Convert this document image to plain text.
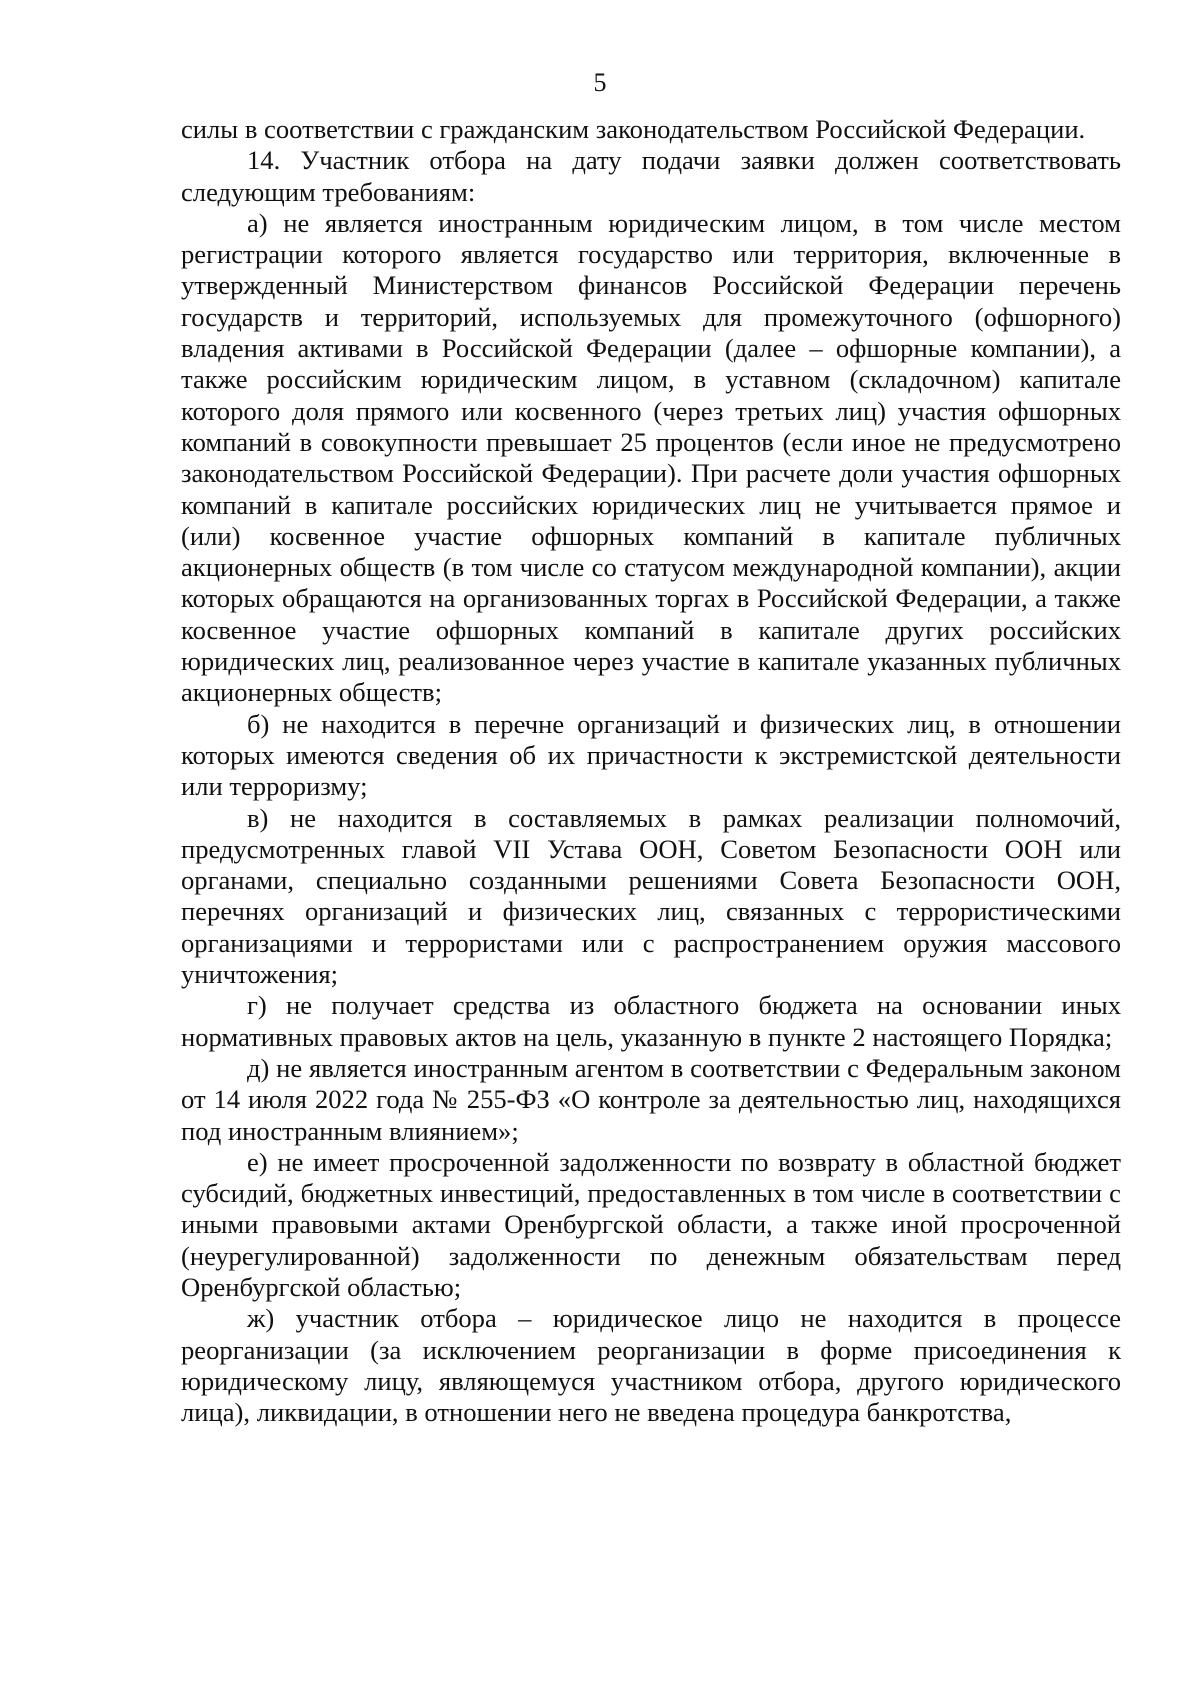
5

силы в соответствии с гражданским законодательством Российской Федерации.

14. Участник отбора на дату подачи заявки должен соответствовать следующим требованиям:

а) не является иностранным юридическим лицом, в том числе местом регистрации которого является государство или территория, включенные в утвержденный Министерством финансов Российской Федерации перечень государств и территорий, используемых для промежуточного (офшорного) владения активами в Российской Федерации (далее – офшорные компании), а также российским юридическим лицом, в уставном (складочном) капитале которого доля прямого или косвенного (через третьих лиц) участия офшорных компаний в совокупности превышает 25 процентов (если иное не предусмотрено законодательством Российской Федерации). При расчете доли участия офшорных компаний в капитале российских юридических лиц не учитывается прямое и (или) косвенное участие офшорных компаний в капитале публичных акционерных обществ (в том числе со статусом международной компании), акции которых обращаются на организованных торгах в Российской Федерации, а также косвенное участие офшорных компаний в капитале других российских юридических лиц, реализованное через участие в капитале указанных публичных акционерных обществ;

б) не находится в перечне организаций и физических лиц, в отношении которых имеются сведения об их причастности к экстремистской деятельности или терроризму;

в) не находится в составляемых в рамках реализации полномочий, предусмотренных главой VII Устава ООН, Советом Безопасности ООН или органами, специально созданными решениями Совета Безопасности ООН, перечнях организаций и физических лиц, связанных с террористическими организациями и террористами или с распространением оружия массового уничтожения;

г) не получает средства из областного бюджета на основании иных нормативных правовых актов на цель, указанную в пункте 2 настоящего Порядка;

д) не является иностранным агентом в соответствии с Федеральным законом от 14 июля 2022 года № 255-ФЗ «О контроле за деятельностью лиц, находящихся под иностранным влиянием»;

е) не имеет просроченной задолженности по возврату в областной бюджет субсидий, бюджетных инвестиций, предоставленных в том числе в соответствии с иными правовыми актами Оренбургской области, а также иной просроченной (неурегулированной) задолженности по денежным обязательствам перед Оренбургской областью;

ж) участник отбора – юридическое лицо не находится в процессе реорганизации (за исключением реорганизации в форме присоединения к юридическому лицу, являющемуся участником отбора, другого юридического лица), ликвидации, в отношении него не введена процедура банкротства,
